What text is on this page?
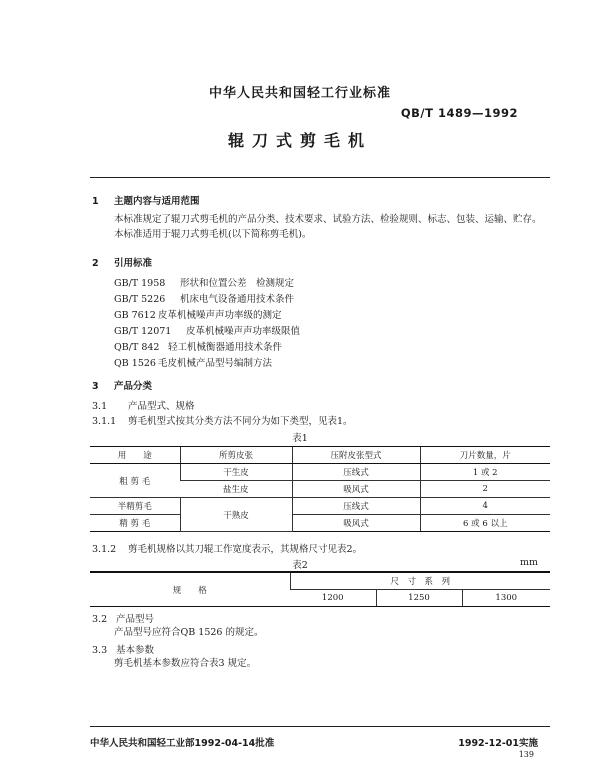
中华人民共和国轻工行业标准
QB/T 1489—1992
辊刀式剪毛机
1 主题内容与适用范围
本标准规定了辊刀式剪毛机的产品分类、技术要求、试验方法、检验规则、标志、包装、运输、贮存。
本标准适用于辊刀式剪毛机(以下简称剪毛机)。
2 引用标准
GB/T 1958 形状和位置公差　检测规定
GB/T 5226 机床电气设备通用技术条件
GB 7612 皮革机械噪声声功率级的测定
GB/T 12071 皮革机械噪声声功率级限值
QB/T 842 轻工机械衡器通用技术条件
QB 1526 毛皮机械产品型号编制方法
3 产品分类
3.1 产品型式、规格
3.1.1 剪毛机型式按其分类方法不同分为如下类型，见表1。
表1
用　　途	所剪皮张	压附皮张型式	刀片数量，片
粗 剪 毛	干生皮	压线式	1 或 2
	盐生皮	吸风式	2
半精剪毛	干熟皮	压线式	4
精 剪 毛		吸风式	6 或 6 以上
3.1.2 剪毛机规格以其刀辊工作宽度表示，其规格尺寸见表2。
表2	mm
规　　格	尺　寸　系　列		
	1200	1250	1300
3.2 产品型号
产品型号应符合QB 1526 的规定。
3.3 基本参数
剪毛机基本参数应符合表3 规定。
中华人民共和国轻工业部1992-04-14批准	1992-12-01实施
139
